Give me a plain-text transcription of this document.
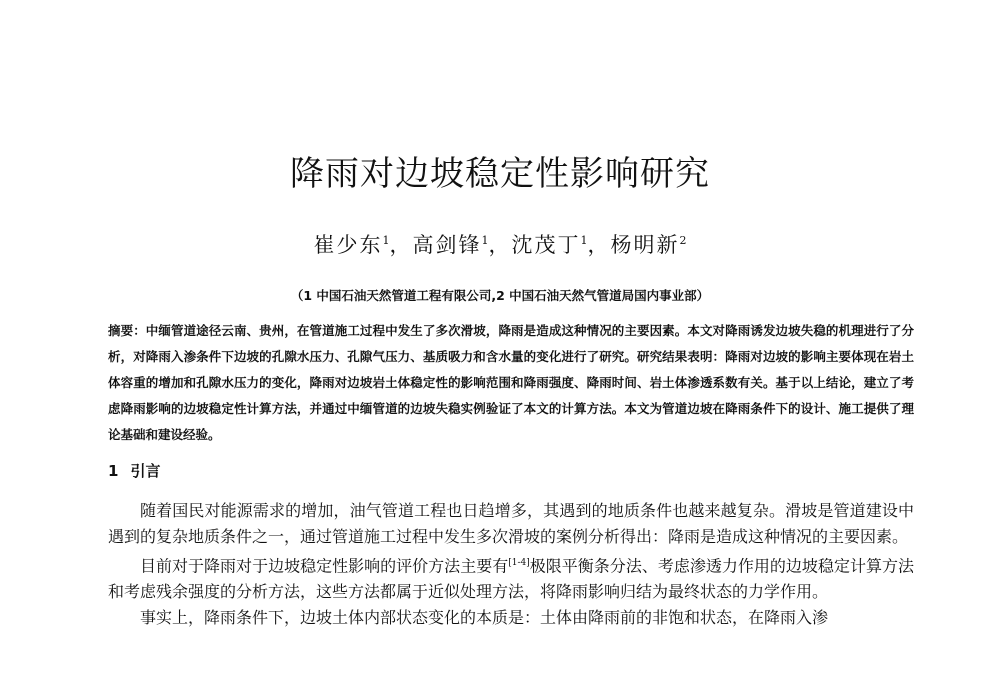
降雨对边坡稳定性影响研究
崔少东$^1$，高剑锋$^1$，沈茂丁$^1$，杨明新$^2$
（1 中国石油天然管道工程有限公司,2 中国石油天然气管道局国内事业部）
摘要：中缅管道途径云南、贵州，在管道施工过程中发生了多次滑坡，降雨是造成这种情况的主要因素。本文对降雨诱发边坡失稳的机理进行了分析，对降雨入渗条件下边坡的孔隙水压力、孔隙气压力、基质吸力和含水量的变化进行了研究。研究结果表明：降雨对边坡的影响主要体现在岩土体容重的增加和孔隙水压力的变化，降雨对边坡岩土体稳定性的影响范围和降雨强度、降雨时间、岩土体渗透系数有关。基于以上结论，建立了考虑降雨影响的边坡稳定性计算方法，并通过中缅管道的边坡失稳实例验证了本文的计算方法。本文为管道边坡在降雨条件下的设计、施工提供了理论基础和建设经验。
1 引言

随着国民对能源需求的增加，油气管道工程也日趋增多，其遇到的地质条件也越来越复杂。滑坡是管道建设中遇到的复杂地质条件之一，通过管道施工过程中发生多次滑坡的案例分析得出：降雨是造成这种情况的主要因素。

目前对于降雨对于边坡稳定性影响的评价方法主要有[1-4]极限平衡条分法、考虑渗透力作用的边坡稳定计算方法和考虑残余强度的分析方法，这些方法都属于近似处理方法，将降雨影响归结为最终状态的力学作用。

事实上，降雨条件下，边坡土体内部状态变化的本质是：土体由降雨前的非饱和状态，在降雨入渗
